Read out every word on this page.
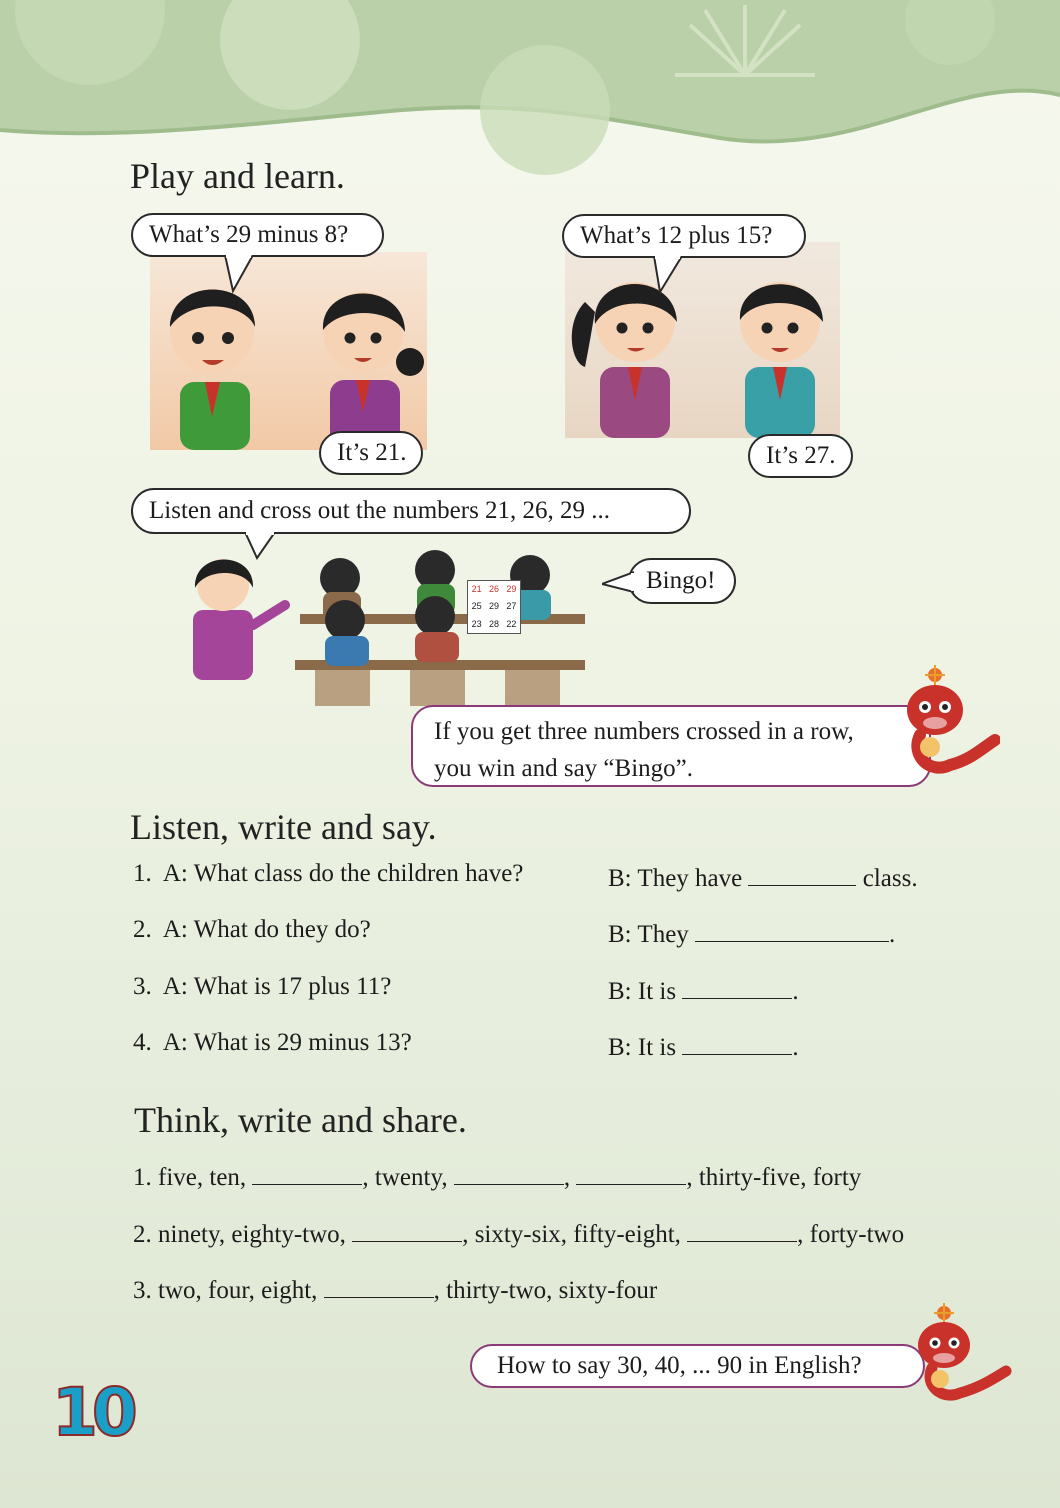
Play and learn.
What’s 29 minus 8?
It’s 21.
What’s 12 plus 15?
It’s 27.
Listen and cross out the numbers 21, 26, 29 ...
21 26 29
25 29 27
23 28 22
Bingo!
If you get three numbers crossed in a row,
you win and say “Bingo”.
Listen, write and say.
1. A: What class do the children have?	B: They have	class.
2. A: What do they do?	B: They	.
3. A: What is 17 plus 11?	B: It is	.
4. A: What is 29 minus 13?	B: It is	.
Think, write and share.
1. five, ten,	, twenty,	,	, thirty-five, forty
2. ninety, eighty-two,	, sixty-six, fifty-eight,	, forty-two
3. two, four, eight,	, thirty-two, sixty-four
How to say 30, 40, ... 90 in English?
10
